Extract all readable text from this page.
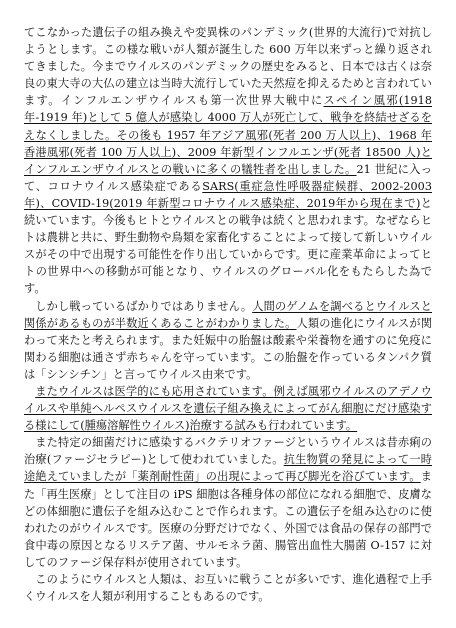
てこなかった遺伝子の組み換えや変異株のパンデミック(世界的大流行)で対抗しようとします。この様な戦いが人類が誕生した 600 万年以来ずっと繰り返されてきました。今までウイルスのパンデミックの歴史をみると、日本では古くは奈良の東大寺の大仏の建立は当時大流行していた天然痘を抑えるためと言われています。インフルエンザウイルスも第一次世界大戦中にスペイン風邪(1918 年-1919 年)として 5 億人が感染し 4000 万人が死亡して、戦争を終結せざるをえなくしました。その後も 1957 年アジア風邪(死者 200 万人以上)、1968 年香港風邪(死者 100 万人以上)、2009 年新型インフルエンザ(死者 18500 人)とインフルエンザウイルスとの戦いに多くの犠牲者を出しました。21 世紀に入って、コロナウイルス感染症であるSARS(重症急性呼吸器症候群、2002-2003 年)、COVID-19(2019 年新型コロナウイルス感染症、2019年から現在まで)と続いています。今後もヒトとウイルスとの戦争は続くと思われます。なぜならヒトは農耕と共に、野生動物や鳥類を家畜化することによって接して新しいウイルスがその中で出現する可能性を作り出していからです。更に産業革命によってヒトの世界中への移動が可能となり、ウイルスのグローバル化をもたらした為です。

しかし戦っているばかりではありません。人間のゲノムを調べるとウイルスと関係があるものが半数近くあることがわかりました。人類の進化にウイルスが関わって来たと考えられます。また妊娠中の胎盤は酸素や栄養物を通すのに免疫に関わる細胞は通さず赤ちゃんを守っています。この胎盤を作っているタンパク質は「シンシチン」と言ってウイルス由来です。

またウイルスは医学的にも応用されています。例えば風邪ウイルスのアデノウイルスや単純ヘルペスウイルスを遺伝子組み換えによってがん細胞にだけ感染する様にして(腫瘍溶解性ウイルス)治療する試みも行われています。

また特定の細菌だけに感染するバクテリオファージというウイルスは昔赤痢の治療(ファージセラピー)として使われていました。抗生物質の発見によって一時途絶えていましたが「薬剤耐性菌」の出現によって再び脚光を浴びています。また「再生医療」として注目の iPS 細胞は各種身体の部位になれる細胞で、皮膚などの体細胞に遺伝子を組み込むことで作られます。この遺伝子を組み込むのに使われたのがウイルスです。医療の分野だけでなく、外国では食品の保存の部門で食中毒の原因となるリステア菌、サルモネラ菌、腸管出血性大腸菌 O-157 に対してのファージ保存料が使用されています。

このようにウイルスと人類は、お互いに戦うことが多いです、進化過程で上手くウイルスを人類が利用することもあるのです。
